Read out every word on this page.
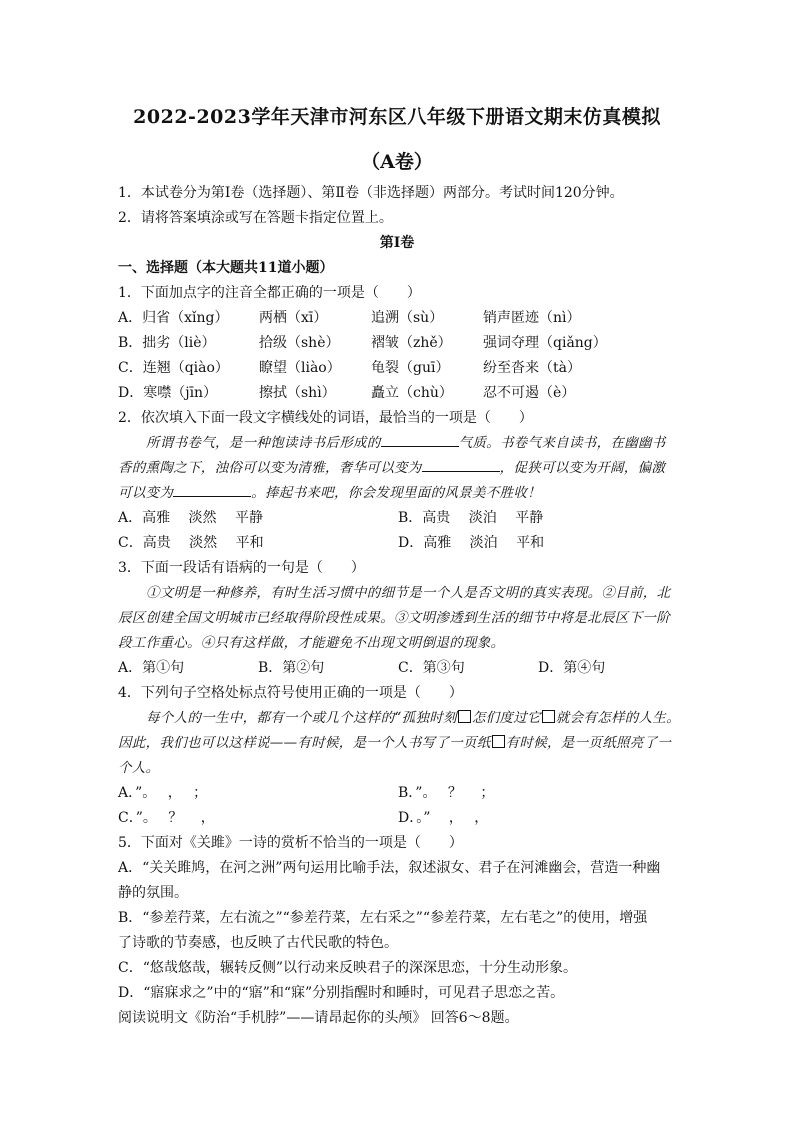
2022-2023学年天津市河东区八年级下册语文期末仿真模拟
（A卷）
1．本试卷分为第Ⅰ卷（选择题）、第Ⅱ卷（非选择题）两部分。考试时间120分钟。
2．请将答案填涂或写在答题卡指定位置上。
第Ⅰ卷
一、选择题（本大题共11道小题）
1．下面加点字的注音全都正确的一项是（　　）
A．归省（xǐng） 两栖（xī）	追溯（sù）	销声匿迹（nì）
B．拙劣（liè）	拾级（shè） 褶皱（zhě） 强词夺理（qiǎng）
C．连翘（qiào） 瞭望（liào） 龟裂（guī） 纷至沓来（tà）
D．寒噤（jīn）	擦拭（shì）	矗立（chù） 忍不可遏（è）
2．依次填入下面一段文字横线处的词语，最恰当的一项是（　　）
所谓书卷气，是一种饱读诗书后形成的	气质。书卷气来自读书，在幽幽书
香的熏陶之下，浊俗可以变为清雅，奢华可以变为	，促狭可以变为开阔，偏激
可以变为	。捧起书来吧，你会发现里面的风景美不胜收！
A．高雅　 淡然　 平静	B．高贵　 淡泊　 平静
C．高贵　 淡然　 平和	D．高雅　 淡泊　 平和
3．下面一段话有语病的一句是（　　）
①文明是一种修养，有时生活习惯中的细节是一个人是否文明的真实表现。②目前，北
辰区创建全国文明城市已经取得阶段性成果。③文明渗透到生活的细节中将是北辰区下一阶
段工作重心。④只有这样做，才能避免不出现文明倒退的现象。
A．第①句	B．第②句	C．第③句	D．第④句
4．下列句子空格处标点符号使用正确的一项是（　　）
每个人的一生中，都有一个或几个这样的“孤独时刻 怎们度过它 就会有怎样的人生。
因此，我们也可以这样说——有时候，是一个人书写了一页纸 有时候，是一页纸照亮了一
个人。
A．”。　 ，　 ；	B．”。　 ？　 ；
C．”。　 ？　 ，	D．。”　 ，　 ，
5．下面对《关雎》一诗的赏析不恰当的一项是（　　）
A．“关关雎鸠，在河之洲”两句运用比喻手法，叙述淑女、君子在河滩幽会，营造一种幽
静的氛围。
B．“参差荇菜，左右流之”“参差荇菜，左右采之”“参差荇菜，左右芼之”的使用，增强
了诗歌的节奏感，也反映了古代民歌的特色。
C．“悠哉悠哉，辗转反侧”以行动来反映君子的深深思恋，十分生动形象。
D．“寤寐求之”中的“寤”和“寐”分别指醒时和睡时，可见君子思恋之苦。
阅读说明文《防治“手机脖”——请昂起你的头颅》 回答6～8题。
